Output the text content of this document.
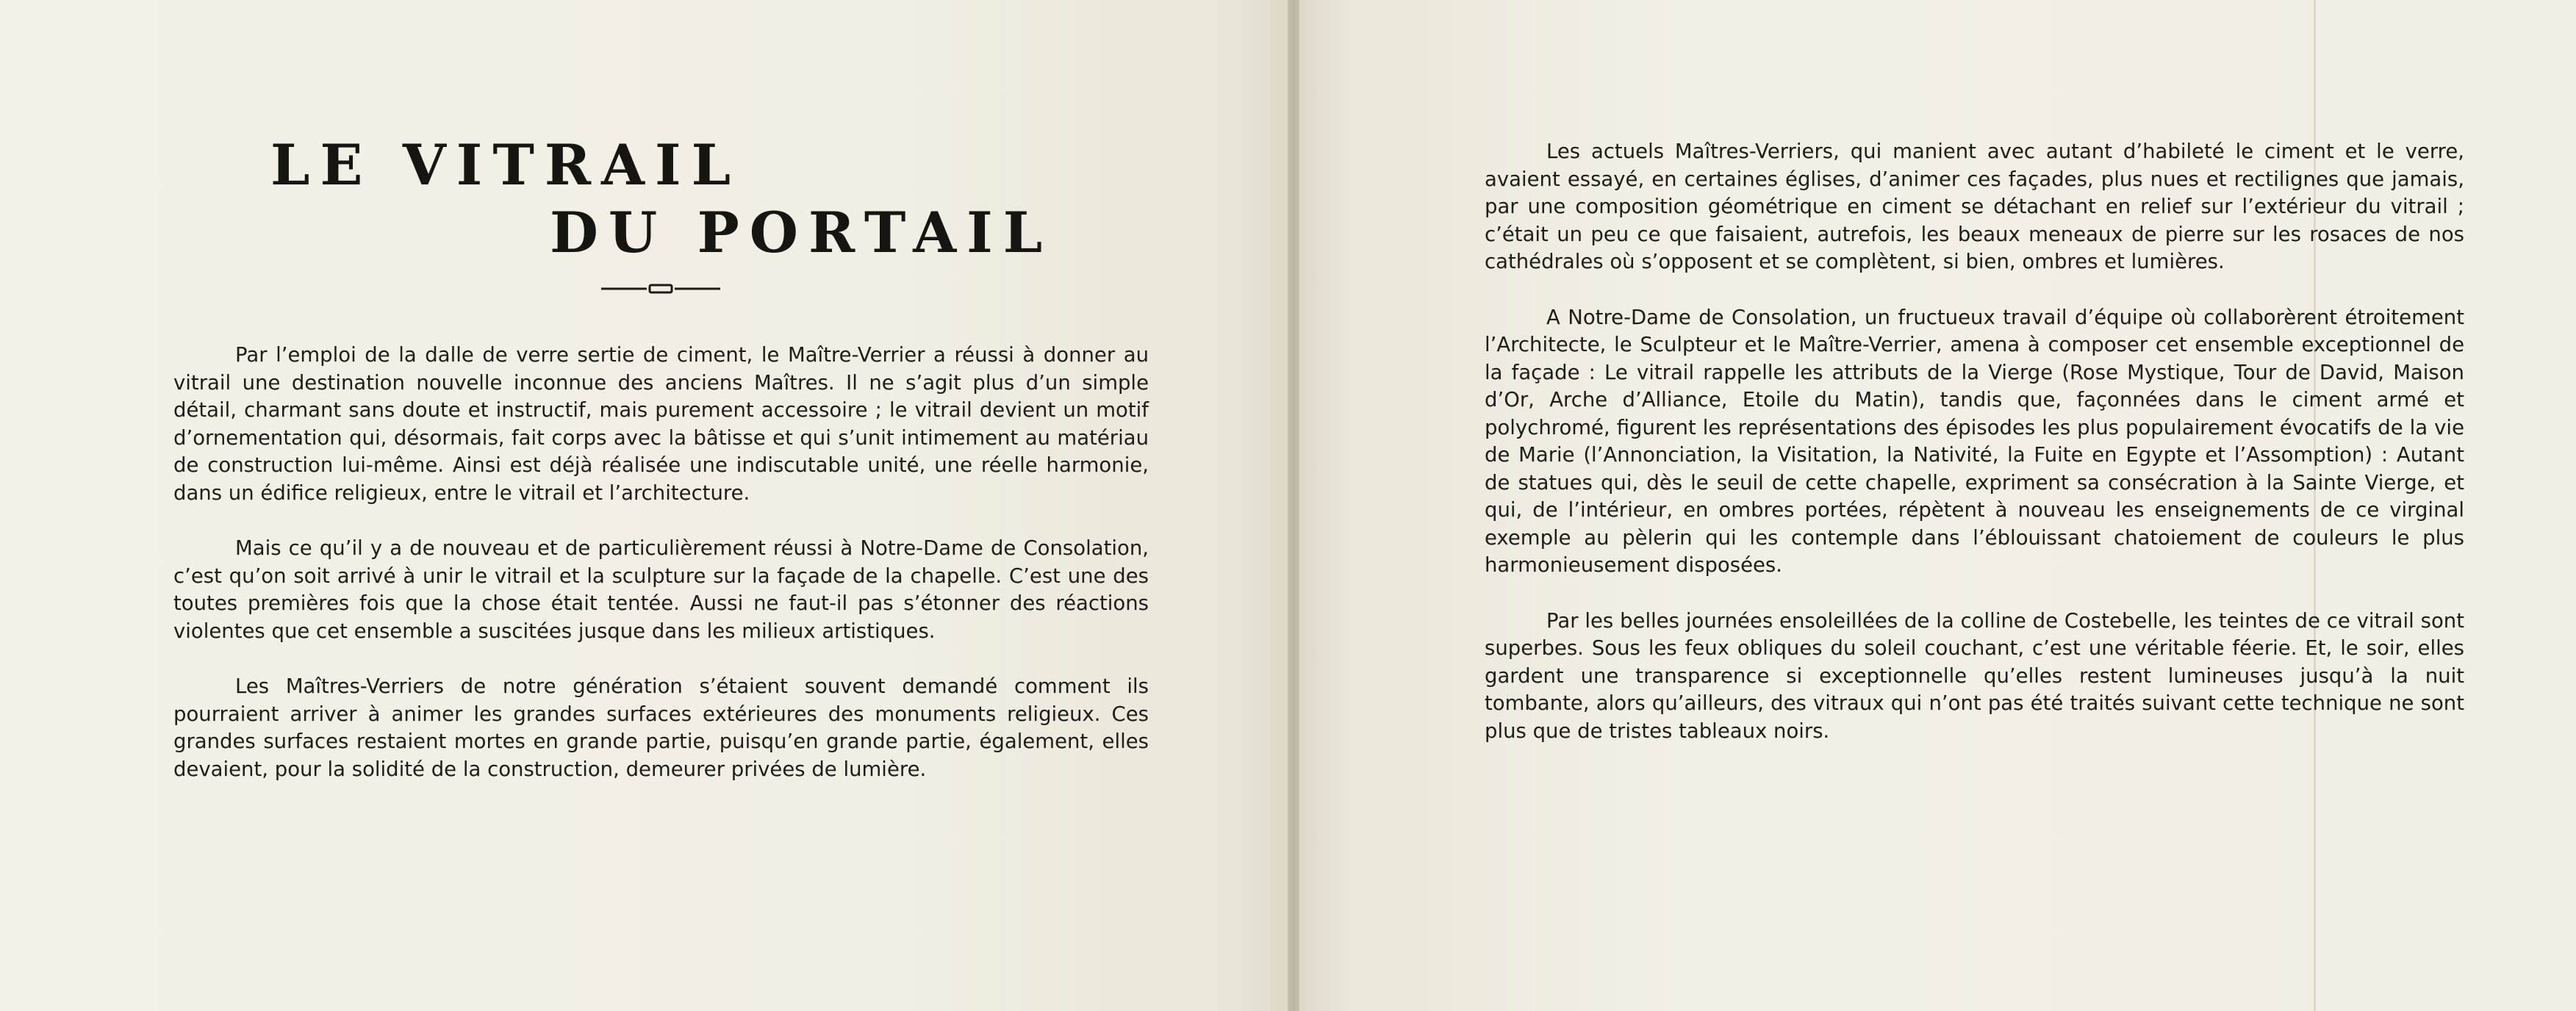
LE VITRAIL
DU PORTAIL

Par l’emploi de la dalle de verre sertie de ciment, le Maître-Verrier a réussi à donner au vitrail une destination nouvelle inconnue des anciens Maîtres. Il ne s’agit plus d’un simple détail, charmant sans doute et instructif, mais purement accessoire ; le vitrail devient un motif d’ornementation qui, désormais, fait corps avec la bâtisse et qui s’unit intimement au matériau de construction lui-même. Ainsi est déjà réalisée une indiscutable unité, une réelle harmonie, dans un édifice religieux, entre le vitrail et l’architecture.

Mais ce qu’il y a de nouveau et de particulièrement réussi à Notre-Dame de Consolation, c’est qu’on soit arrivé à unir le vitrail et la sculpture sur la façade de la chapelle. C’est une des toutes premières fois que la chose était tentée. Aussi ne faut-il pas s’étonner des réactions violentes que cet ensemble a suscitées jusque dans les milieux artistiques.

Les Maîtres-Verriers de notre génération s’étaient souvent demandé comment ils pourraient arriver à animer les grandes surfaces extérieures des monuments religieux. Ces grandes surfaces restaient mortes en grande partie, puisqu’en grande partie, également, elles devaient, pour la solidité de la construction, demeurer privées de lumière.

Les actuels Maîtres-Verriers, qui manient avec autant d’habileté le ciment et le verre, avaient essayé, en certaines églises, d’animer ces façades, plus nues et rectilignes que jamais, par une composition géométrique en ciment se détachant en relief sur l’extérieur du vitrail ; c’était un peu ce que faisaient, autrefois, les beaux meneaux de pierre sur les rosaces de nos cathédrales où s’opposent et se complètent, si bien, ombres et lumières.

A Notre-Dame de Consolation, un fructueux travail d’équipe où collaborèrent étroitement l’Architecte, le Sculpteur et le Maître-Verrier, amena à composer cet ensemble exceptionnel de la façade : Le vitrail rappelle les attributs de la Vierge (Rose Mystique, Tour de David, Maison d’Or, Arche d’Alliance, Etoile du Matin), tandis que, façonnées dans le ciment armé et polychromé, figurent les représentations des épisodes les plus populairement évocatifs de la vie de Marie (l’Annonciation, la Visitation, la Nativité, la Fuite en Egypte et l’Assomption) : Autant de statues qui, dès le seuil de cette chapelle, expriment sa consécration à la Sainte Vierge, et qui, de l’intérieur, en ombres portées, répètent à nouveau les enseignements de ce virginal exemple au pèlerin qui les contemple dans l’éblouissant chatoiement de couleurs le plus harmonieusement disposées.

Par les belles journées ensoleillées de la colline de Costebelle, les teintes de ce vitrail sont superbes. Sous les feux obliques du soleil couchant, c’est une véritable féerie. Et, le soir, elles gardent une transparence si exceptionnelle qu’elles restent lumineuses jusqu’à la nuit tombante, alors qu’ailleurs, des vitraux qui n’ont pas été traités suivant cette technique ne sont plus que de tristes tableaux noirs.
